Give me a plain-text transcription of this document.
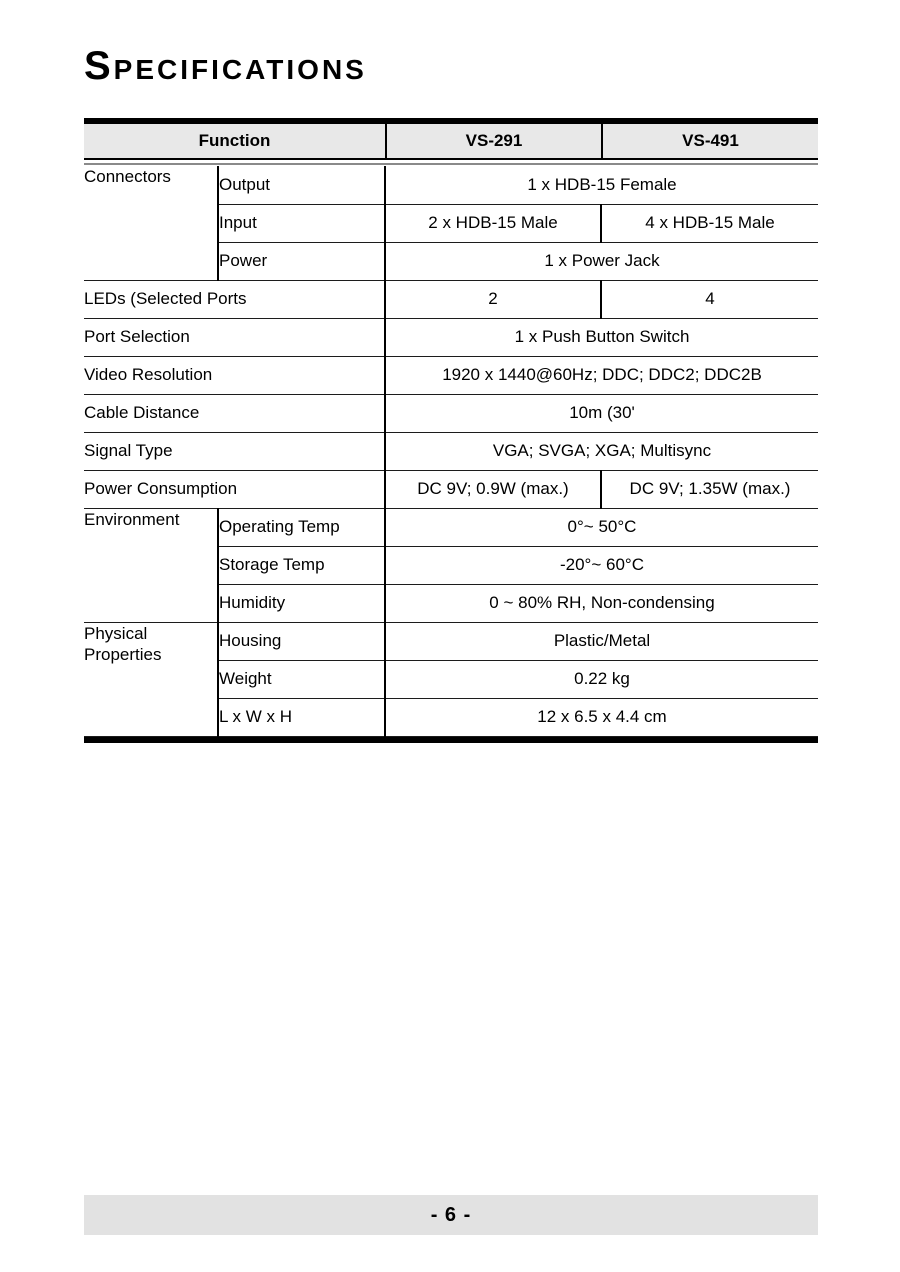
Specifications
Function	VS-291	VS-491
Connectors	Output	1 x HDB-15 Female	
	Input	2 x HDB-15 Male	4 x HDB-15 Male
	Power	1 x Power Jack	
LEDs (Selected Ports		2	4
Port Selection		1 x Push Button Switch	
Video Resolution		1920 x 1440@60Hz; DDC; DDC2; DDC2B	
Cable Distance		10m (30'	
Signal Type		VGA; SVGA; XGA; Multisync	
Power Consumption		DC 9V; 0.9W (max.)	DC 9V; 1.35W (max.)
Environment	Operating Temp	0°~ 50°C	
	Storage Temp	-20°~ 60°C	
	Humidity	0 ~ 80% RH, Non-condensing	
Physical Properties	Housing	Plastic/Metal	
	Weight	0.22 kg	
	L x W x H	12 x 6.5 x 4.4 cm	
- 6 -
